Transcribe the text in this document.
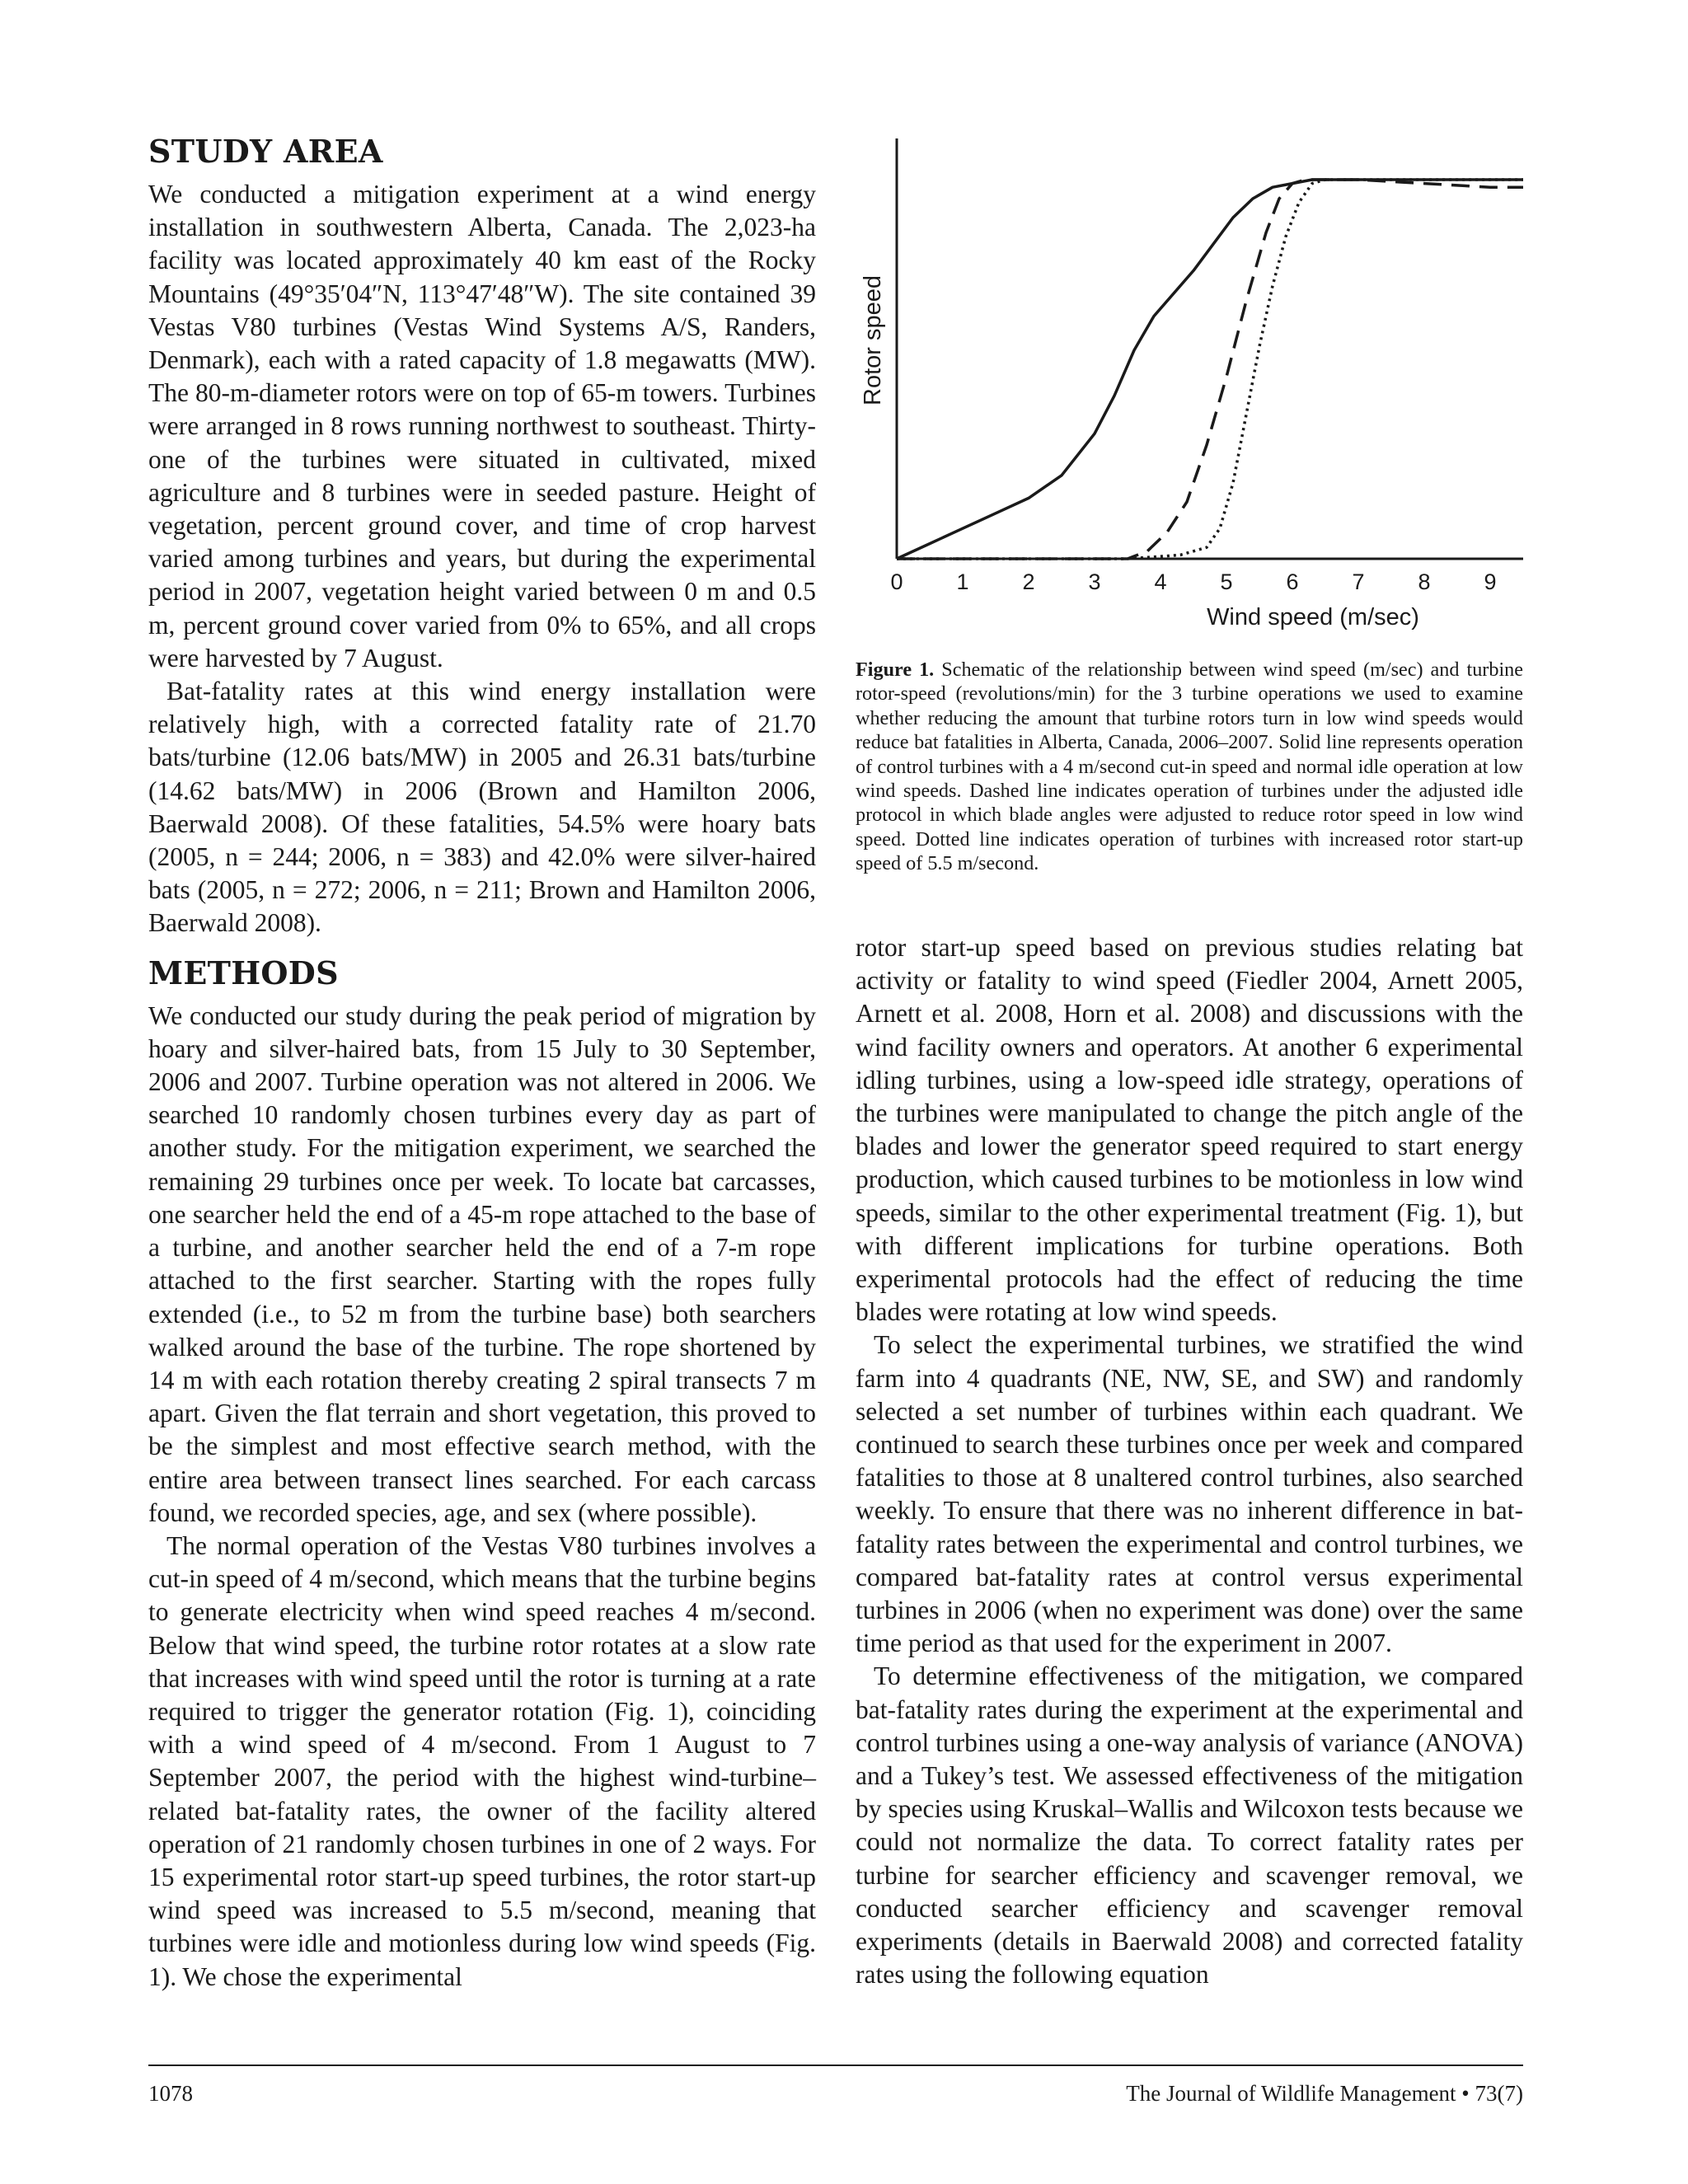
STUDY AREA

We conducted a mitigation experiment at a wind energy installation in southwestern Alberta, Canada. The 2,023-ha facility was located approximately 40 km east of the Rocky Mountains (49°35′04″N, 113°47′48″W). The site contained 39 Vestas V80 turbines (Vestas Wind Systems A/S, Randers, Denmark), each with a rated capacity of 1.8 megawatts (MW). The 80-m-diameter rotors were on top of 65-m towers. Turbines were arranged in 8 rows running northwest to southeast. Thirty-one of the turbines were situated in cultivated, mixed agriculture and 8 turbines were in seeded pasture. Height of vegetation, percent ground cover, and time of crop harvest varied among turbines and years, but during the experimental period in 2007, vegetation height varied between 0 m and 0.5 m, percent ground cover varied from 0% to 65%, and all crops were harvested by 7 August.

Bat-fatality rates at this wind energy installation were relatively high, with a corrected fatality rate of 21.70 bats/turbine (12.06 bats/MW) in 2005 and 26.31 bats/turbine (14.62 bats/MW) in 2006 (Brown and Hamilton 2006, Baerwald 2008). Of these fatalities, 54.5% were hoary bats (2005, n = 244; 2006, n = 383) and 42.0% were silver-haired bats (2005, n = 272; 2006, n = 211; Brown and Hamilton 2006, Baerwald 2008).

METHODS

We conducted our study during the peak period of migration by hoary and silver-haired bats, from 15 July to 30 September, 2006 and 2007. Turbine operation was not altered in 2006. We searched 10 randomly chosen turbines every day as part of another study. For the mitigation experiment, we searched the remaining 29 turbines once per week. To locate bat carcasses, one searcher held the end of a 45-m rope attached to the base of a turbine, and another searcher held the end of a 7-m rope attached to the first searcher. Starting with the ropes fully extended (i.e., to 52 m from the turbine base) both searchers walked around the base of the turbine. The rope shortened by 14 m with each rotation thereby creating 2 spiral transects 7 m apart. Given the flat terrain and short vegetation, this proved to be the simplest and most effective search method, with the entire area between transect lines searched. For each carcass found, we recorded species, age, and sex (where possible).

The normal operation of the Vestas V80 turbines involves a cut-in speed of 4 m/second, which means that the turbine begins to generate electricity when wind speed reaches 4 m/second. Below that wind speed, the turbine rotor rotates at a slow rate that increases with wind speed until the rotor is turning at a rate required to trigger the generator rotation (Fig. 1), coinciding with a wind speed of 4 m/second. From 1 August to 7 September 2007, the period with the highest wind-turbine–related bat-fatality rates, the owner of the facility altered operation of 21 randomly chosen turbines in one of 2 ways. For 15 experimental rotor start-up speed turbines, the rotor start-up wind speed was increased to 5.5 m/second, meaning that turbines were idle and motionless during low wind speeds (Fig. 1). We chose the experimental

0 1 2 3 4 5 6 7 8 9
Rotor speed
Wind speed (m/sec)

Figure 1. Schematic of the relationship between wind speed (m/sec) and turbine rotor-speed (revolutions/min) for the 3 turbine operations we used to examine whether reducing the amount that turbine rotors turn in low wind speeds would reduce bat fatalities in Alberta, Canada, 2006–2007. Solid line represents operation of control turbines with a 4 m/second cut-in speed and normal idle operation at low wind speeds. Dashed line indicates operation of turbines under the adjusted idle protocol in which blade angles were adjusted to reduce rotor speed in low wind speed. Dotted line indicates operation of turbines with increased rotor start-up speed of 5.5 m/second.

rotor start-up speed based on previous studies relating bat activity or fatality to wind speed (Fiedler 2004, Arnett 2005, Arnett et al. 2008, Horn et al. 2008) and discussions with the wind facility owners and operators. At another 6 experimental idling turbines, using a low-speed idle strategy, operations of the turbines were manipulated to change the pitch angle of the blades and lower the generator speed required to start energy production, which caused turbines to be motionless in low wind speeds, similar to the other experimental treatment (Fig. 1), but with different implications for turbine operations. Both experimental protocols had the effect of reducing the time blades were rotating at low wind speeds.

To select the experimental turbines, we stratified the wind farm into 4 quadrants (NE, NW, SE, and SW) and randomly selected a set number of turbines within each quadrant. We continued to search these turbines once per week and compared fatalities to those at 8 unaltered control turbines, also searched weekly. To ensure that there was no inherent difference in bat-fatality rates between the experimental and control turbines, we compared bat-fatality rates at control versus experimental turbines in 2006 (when no experiment was done) over the same time period as that used for the experiment in 2007.

To determine effectiveness of the mitigation, we compared bat-fatality rates during the experiment at the experimental and control turbines using a one-way analysis of variance (ANOVA) and a Tukey’s test. We assessed effectiveness of the mitigation by species using Kruskal–Wallis and Wilcoxon tests because we could not normalize the data. To correct fatality rates per turbine for searcher efficiency and scavenger removal, we conducted searcher efficiency and scavenger removal experiments (details in Baerwald 2008) and corrected fatality rates using the following equation

1078	The Journal of Wildlife Management • 73(7)
